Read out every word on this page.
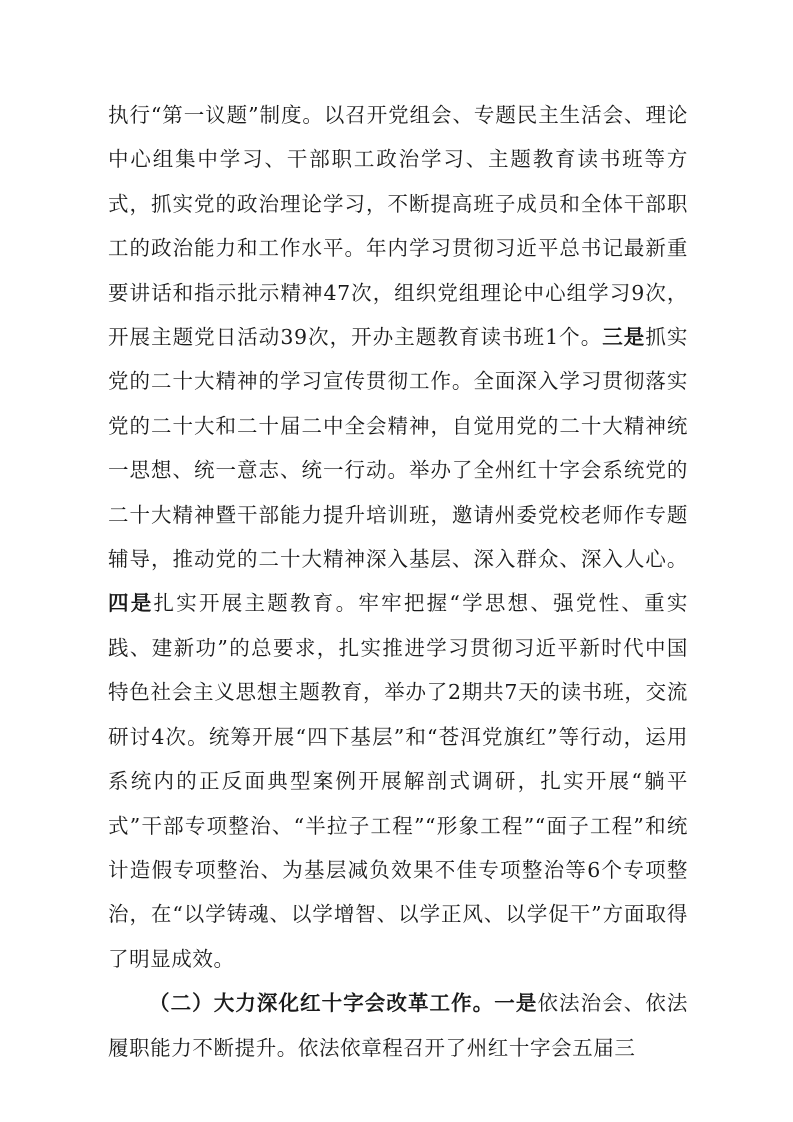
执行“第一议题”制度。以召开党组会、专题民主生活会、理论中心组集中学习、干部职工政治学习、主题教育读书班等方式，抓实党的政治理论学习，不断提高班子成员和全体干部职工的政治能力和工作水平。年内学习贯彻习近平总书记最新重要讲话和指示批示精神47次，组织党组理论中心组学习9次，开展主题党日活动39次，开办主题教育读书班1个。三是抓实党的二十大精神的学习宣传贯彻工作。全面深入学习贯彻落实党的二十大和二十届二中全会精神，自觉用党的二十大精神统一思想、统一意志、统一行动。举办了全州红十字会系统党的二十大精神暨干部能力提升培训班，邀请州委党校老师作专题辅导，推动党的二十大精神深入基层、深入群众、深入人心。四是扎实开展主题教育。牢牢把握“学思想、强党性、重实践、建新功”的总要求，扎实推进学习贯彻习近平新时代中国特色社会主义思想主题教育，举办了2期共7天的读书班，交流研讨4次。统筹开展“四下基层”和“苍洱党旗红”等行动，运用系统内的正反面典型案例开展解剖式调研，扎实开展“躺平式”干部专项整治、“半拉子工程”“形象工程”“面子工程”和统计造假专项整治、为基层减负效果不佳专项整治等6个专项整治，在“以学铸魂、以学增智、以学正风、以学促干”方面取得了明显成效。

（二）大力深化红十字会改革工作。一是依法治会、依法履职能力不断提升。依法依章程召开了州红十字会五届三
